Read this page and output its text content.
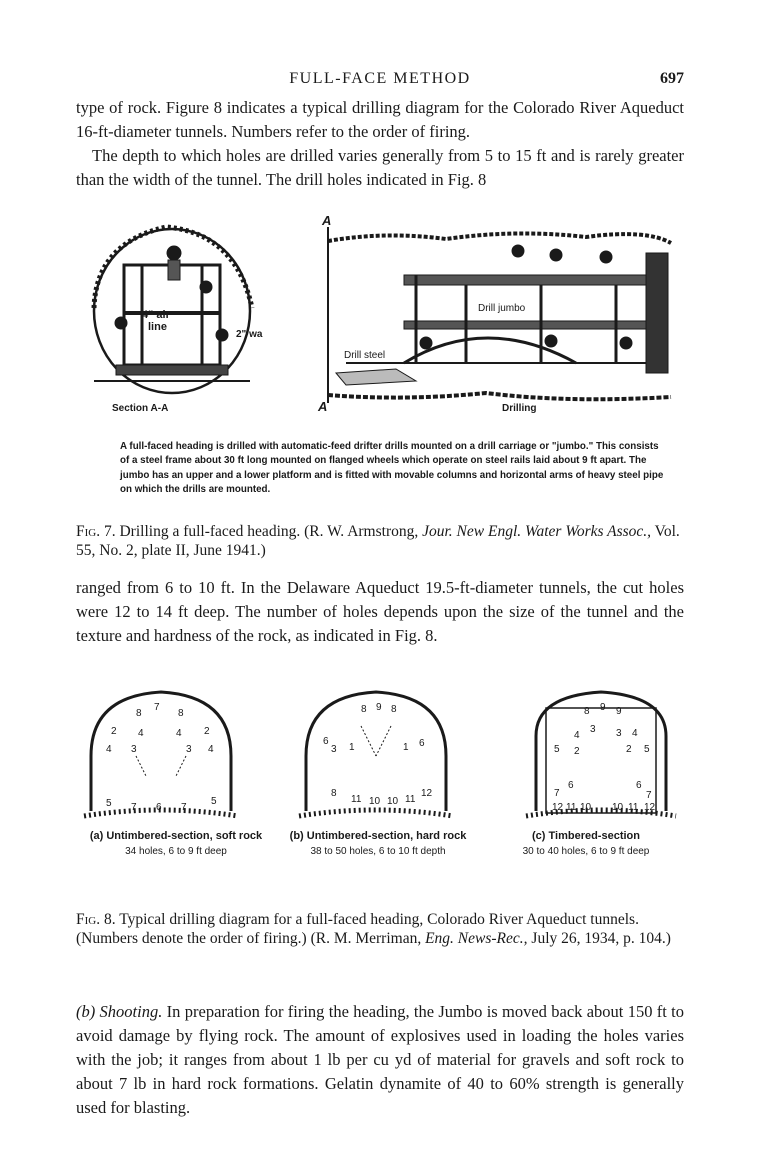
FULL-FACE METHOD	697

type of rock. Figure 8 indicates a typical drilling diagram for the Colorado River Aqueduct 16-ft-diameter tunnels. Numbers refer to the order of firing.
The depth to which holes are drilled varies generally from 5 to 15 ft and is rarely greater than the width of the tunnel. The drill holes indicated in Fig. 8

4" air
line
2" wa
Section A-A
A
A
Drill steel
Drill jumbo
Drilling

A full-faced heading is drilled with automatic-feed drifter drills mounted on a drill carriage or "jumbo." This consists of a steel frame about 30 ft long mounted on flanged wheels which operate on steel rails laid about 9 ft apart. The jumbo has an upper and a lower platform and is fitted with movable columns and horizontal arms of heavy steel pipe on which the drills are mounted.

Fig. 7. Drilling a full-faced heading. (R. W. Armstrong, Jour. New Engl. Water Works Assoc., Vol. 55, No. 2, plate II, June 1941.)

ranged from 6 to 10 ft. In the Delaware Aqueduct 19.5-ft-diameter tunnels, the cut holes were 12 to 14 ft deep. The number of holes depends upon the size of the tunnel and the texture and hardness of the rock, as indicated in Fig. 8.

8
7
8
2 4	4 2
4 3	3 4
5 7 6 7
5
8 9 8
6
3 1	1 6
8
11 10 10 11
12
8 9 9
4
3 3 4
5 2	2 5
7
6	6
7
12 11 10 10 11 12
(a) Untimbered-section, soft rock
34 holes, 6 to 9 ft deep
(b) Untimbered-section, hard rock
38 to 50 holes, 6 to 10 ft depth
(c) Timbered-section
30 to 40 holes, 6 to 9 ft deep

Fig. 8. Typical drilling diagram for a full-faced heading, Colorado River Aqueduct tunnels. (Numbers denote the order of firing.) (R. M. Merriman, Eng. News-Rec., July 26, 1934, p. 104.)

(b) Shooting. In preparation for firing the heading, the Jumbo is moved back about 150 ft to avoid damage by flying rock. The amount of explosives used in loading the holes varies with the job; it ranges from about 1 lb per cu yd of material for gravels and soft rock to about 7 lb in hard rock formations. Gelatin dynamite of 40 to 60% strength is generally used for blasting.
